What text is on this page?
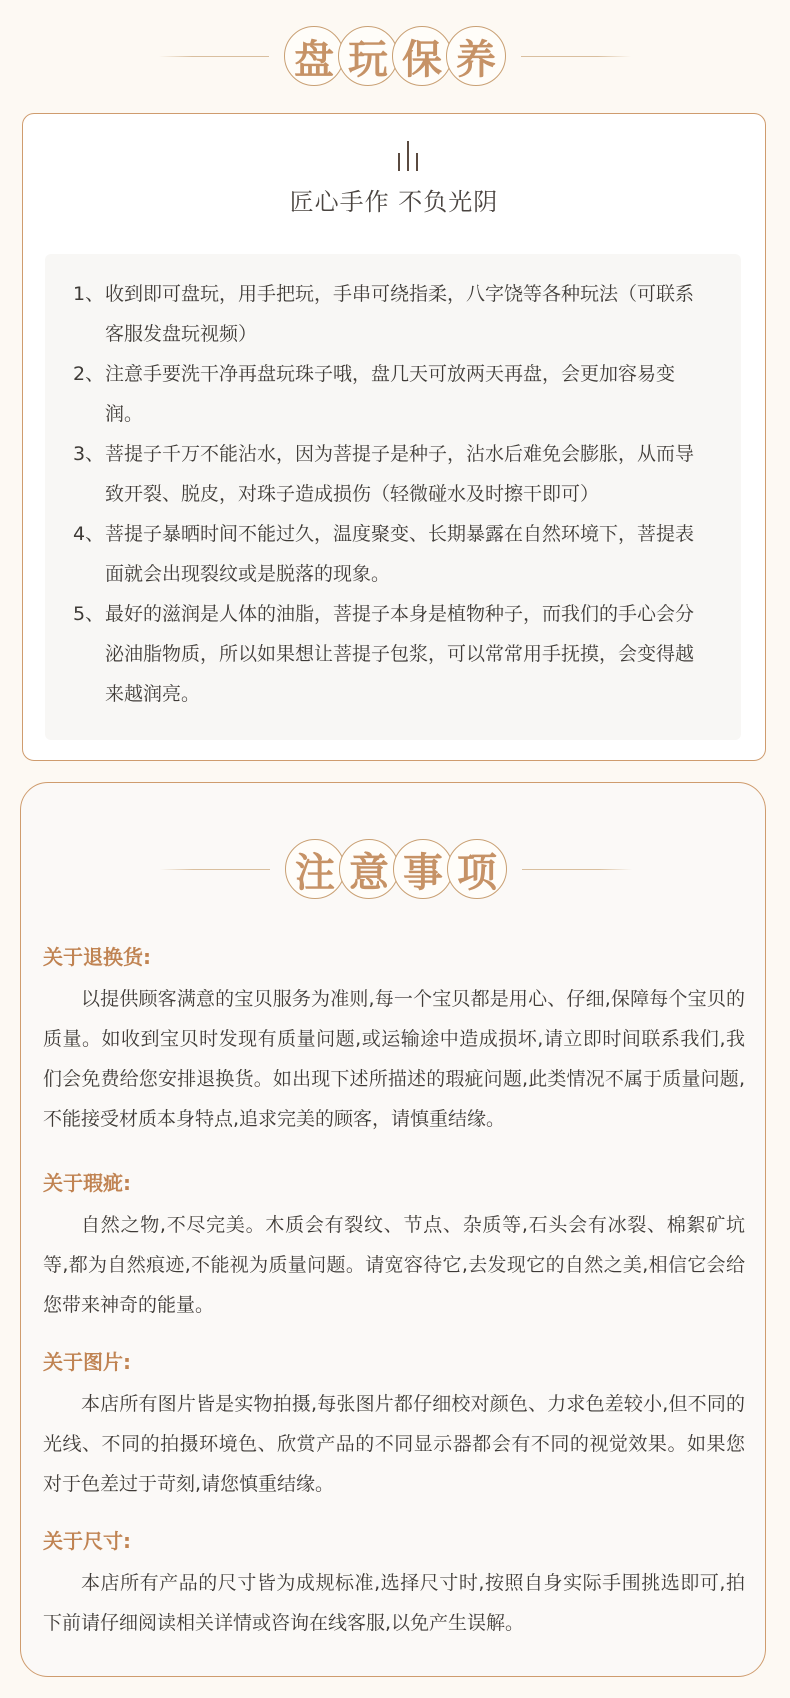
盘 玩 保 养
匠心手作 不负光阴
1、 收到即可盘玩，用手把玩，手串可绕指柔，八字饶等各种玩法（可联系客服发盘玩视频）
2、 注意手要洗干净再盘玩珠子哦，盘几天可放两天再盘，会更加容易变润。
3、 菩提子千万不能沾水，因为菩提子是种子，沾水后难免会膨胀，从而导致开裂、脱皮，对珠子造成损伤（轻微碰水及时擦干即可）
4、 菩提子暴晒时间不能过久，温度聚变、长期暴露在自然环境下，菩提表面就会出现裂纹或是脱落的现象。
5、 最好的滋润是人体的油脂，菩提子本身是植物种子，而我们的手心会分泌油脂物质，所以如果想让菩提子包浆，可以常常用手抚摸，会变得越来越润亮。
注 意 事 项
关于退换货:
以提供顾客满意的宝贝服务为准则,每一个宝贝都是用心、仔细,保障每个宝贝的质量。如收到宝贝时发现有质量问题,或运输途中造成损坏,请立即时间联系我们,我们会免费给您安排退换货。如出现下述所描述的瑕疵问题,此类情况不属于质量问题,不能接受材质本身特点,追求完美的顾客，请慎重结缘。
关于瑕疵:
自然之物,不尽完美。木质会有裂纹、节点、杂质等,石头会有冰裂、棉絮矿坑等,都为自然痕迹,不能视为质量问题。请宽容待它,去发现它的自然之美,相信它会给您带来神奇的能量。
关于图片:
本店所有图片皆是实物拍摄,每张图片都仔细校对颜色、力求色差较小,但不同的光线、不同的拍摄环境色、欣赏产品的不同显示器都会有不同的视觉效果。如果您对于色差过于苛刻,请您慎重结缘。
关于尺寸:
本店所有产品的尺寸皆为成规标准,选择尺寸时,按照自身实际手围挑选即可,拍下前请仔细阅读相关详情或咨询在线客服,以免产生误解。
